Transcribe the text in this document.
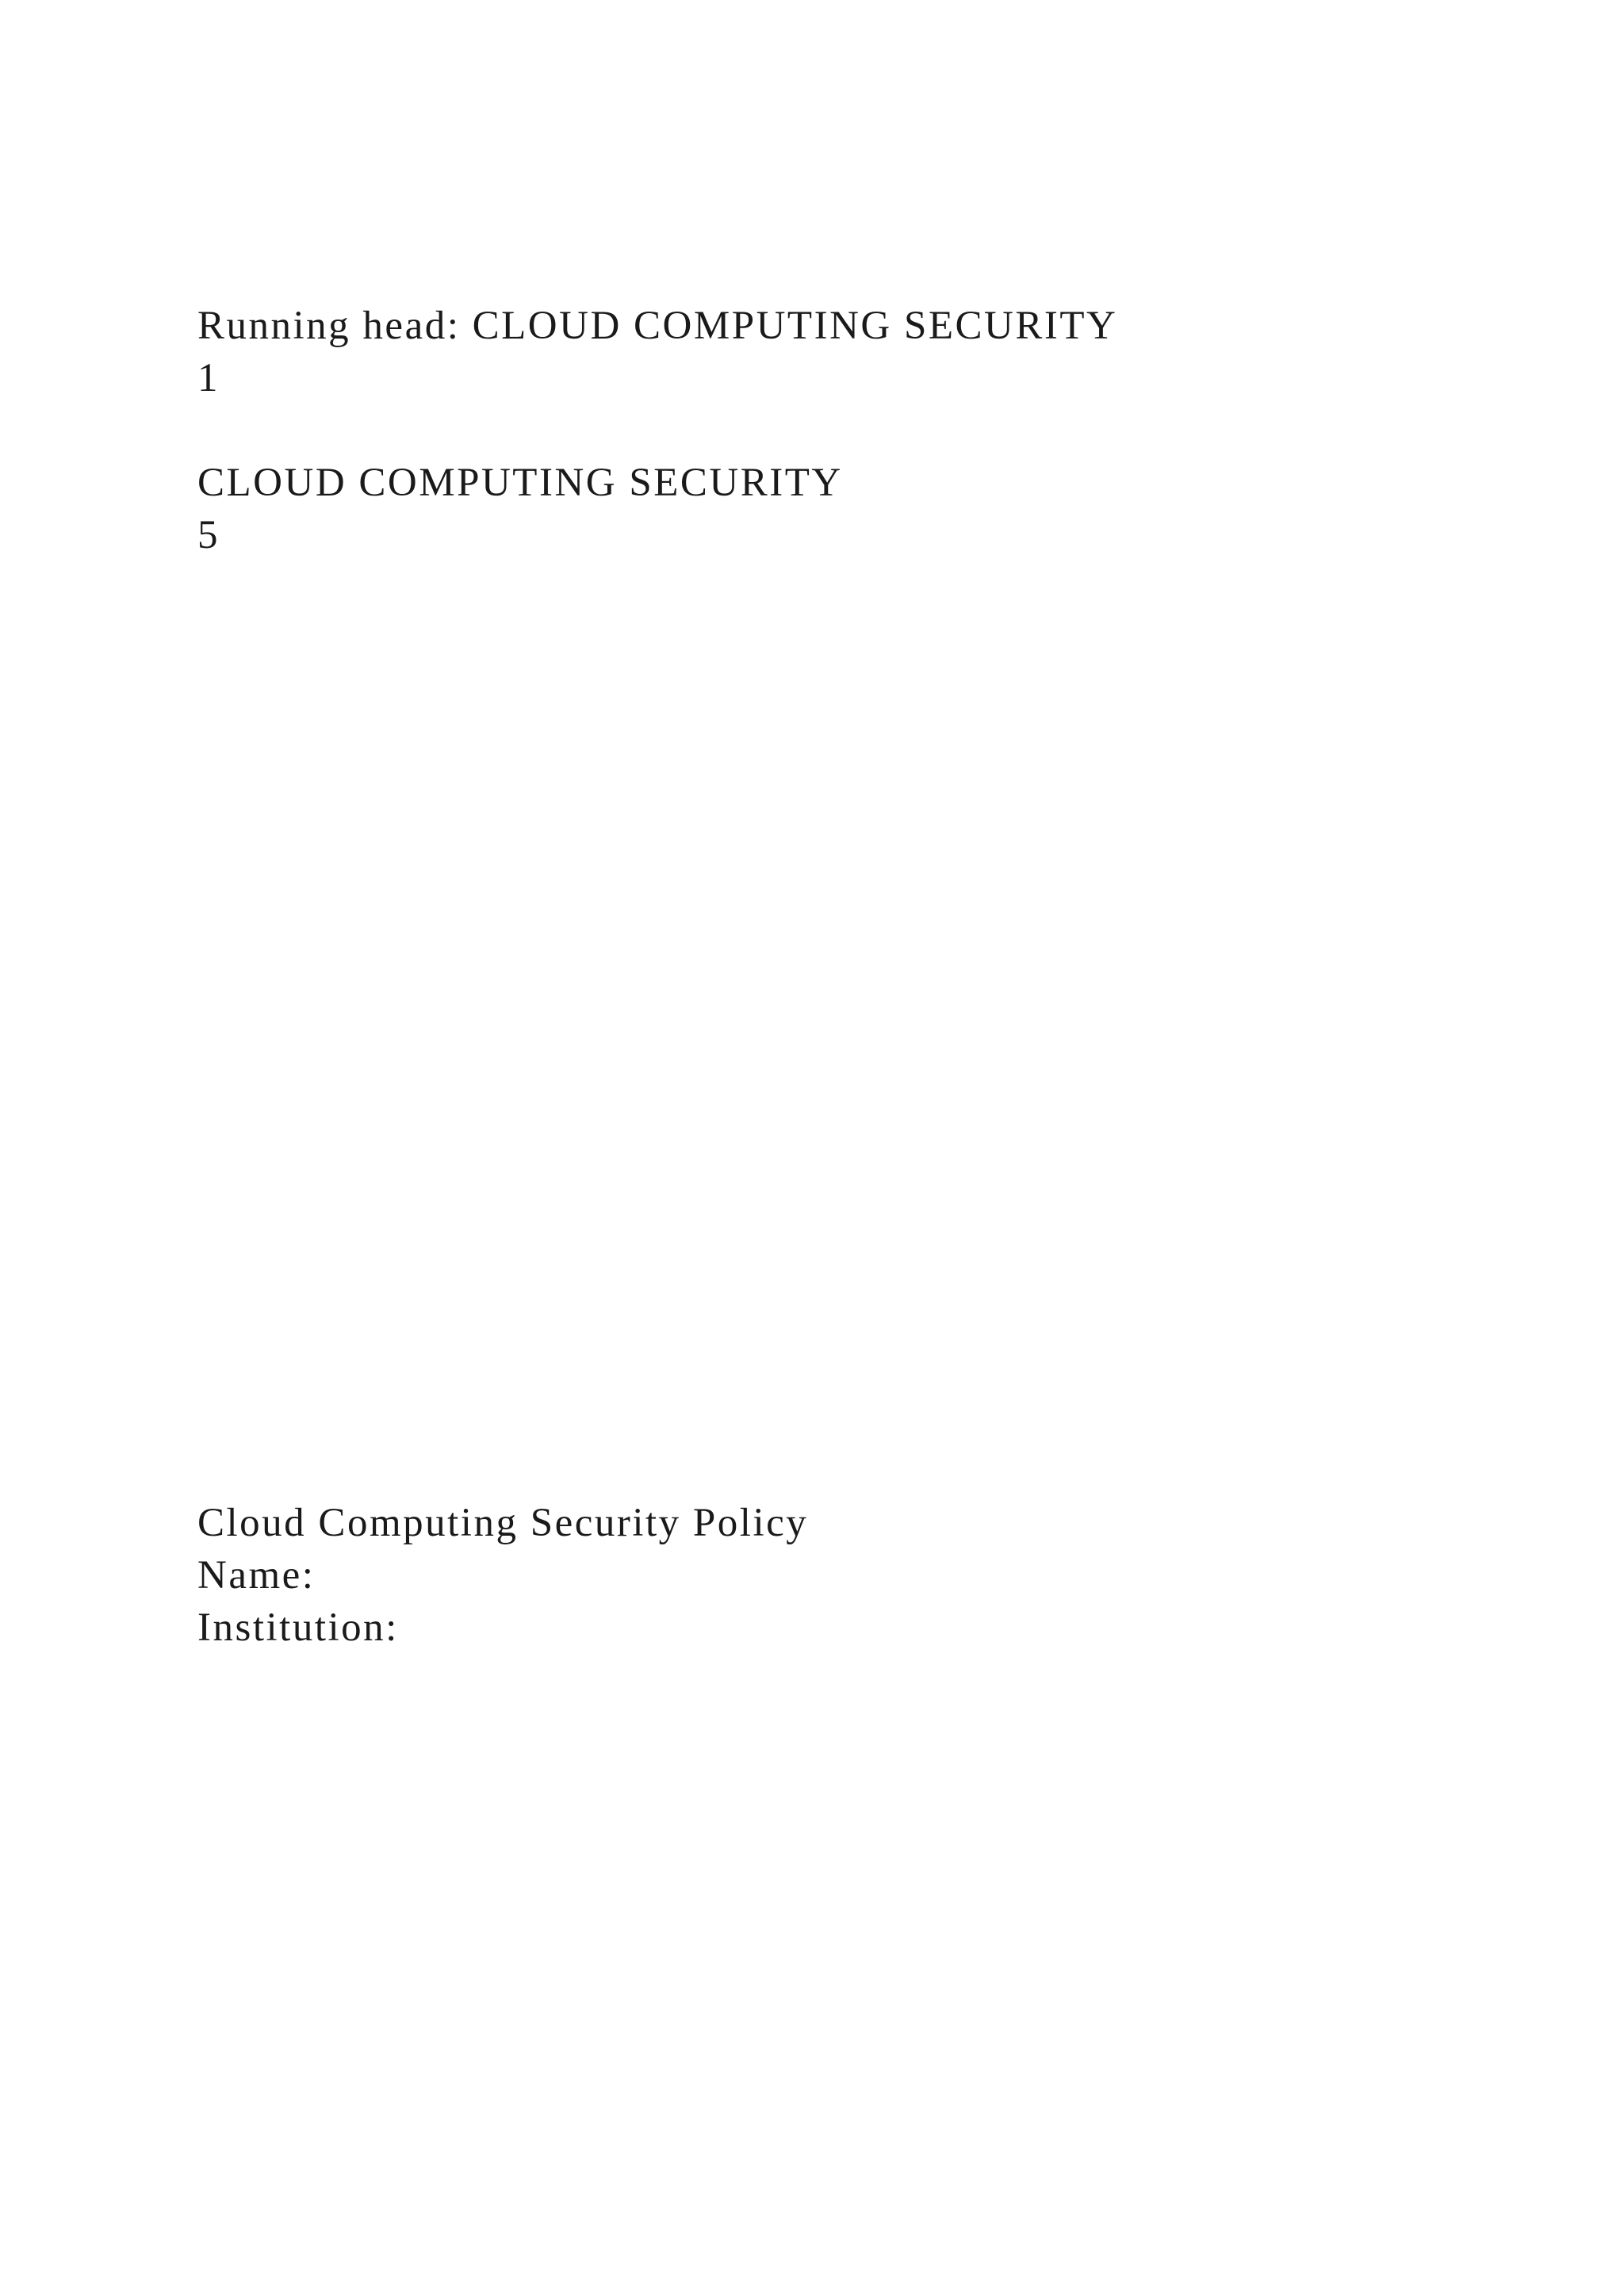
Running head: CLOUD COMPUTING SECURITY
1
CLOUD COMPUTING SECURITY
5
Cloud Computing Security Policy
Name:
Institution:
